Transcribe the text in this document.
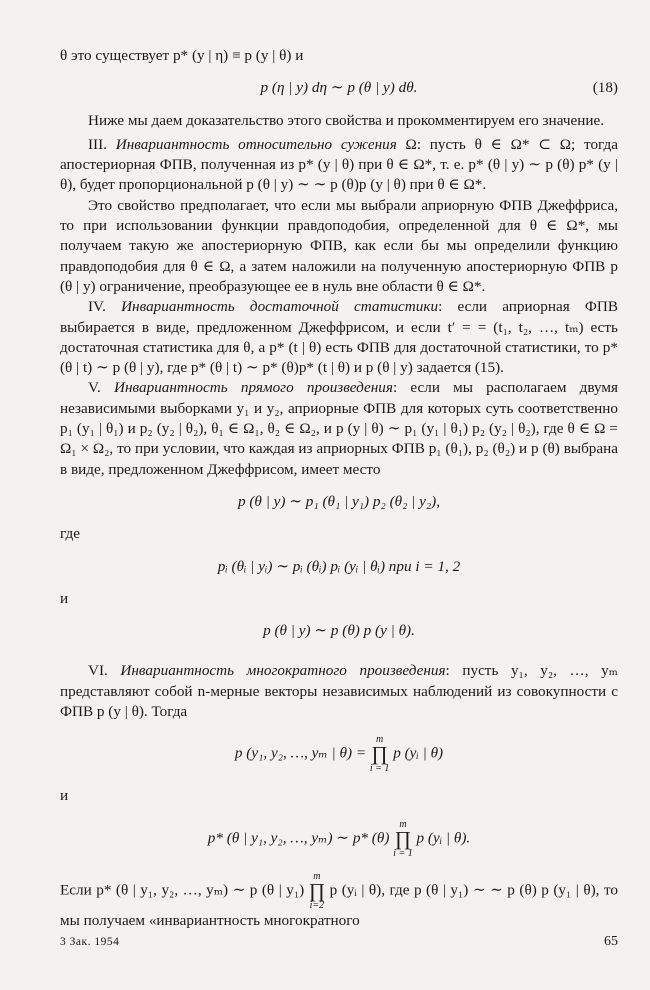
θ это существует p* (y | η) ≡ p (y | θ) и

p (η | y) dη ∼ p (θ | y) dθ.	(18)

Ниже мы даем доказательство этого свойства и прокомментируем его значение.

III. Инвариантность относительно сужения Ω: пусть θ ∈ Ω* ⊂ Ω; тогда апостериорная ФПВ, полученная из p* (y | θ) при θ ∈ Ω*, т. е. p* (θ | y) ∼ p (θ) p* (y | θ), будет пропорциональной p (θ | y) ∼ ∼ p (θ)p (y | θ) при θ ∈ Ω*.

Это свойство предполагает, что если мы выбрали априорную ФПВ Джеффриса, то при использовании функции правдоподобия, определенной для θ ∈ Ω*, мы получаем такую же апостериорную ФПВ, как если бы мы определили функцию правдоподобия для θ ∈ Ω, а затем наложили на полученную апостериорную ФПВ p (θ | y) ограничение, преобразующее ее в нуль вне области θ ∈ Ω*.

IV. Инвариантность достаточной статистики: если априорная ФПВ выбирается в виде, предложенном Джеффрисом, и если t′ = = (t₁, t₂, …, tₘ) есть достаточная статистика для θ, а p* (t | θ) есть ФПВ для достаточной статистики, то p* (θ | t) ∼ p (θ | y), где p* (θ | t) ∼ p* (θ)p* (t | θ) и p (θ | y) задается (15).

V. Инвариантность прямого произведения: если мы располагаем двумя независимыми выборками y₁ и y₂, априорные ФПВ для которых суть соответственно p₁ (y₁ | θ₁) и p₂ (y₂ | θ₂), θ₁ ∈ Ω₁, θ₂ ∈ Ω₂, и p (y | θ) ∼ p₁ (y₁ | θ₁) p₂ (y₂ | θ₂), где θ ∈ Ω = Ω₁ × Ω₂, то при условии, что каждая из априорных ФПВ p₁ (θ₁), p₂ (θ₂) и p (θ) выбрана в виде, предложенном Джеффрисом, имеет место

p (θ | y) ∼ p₁ (θ₁ | y₁) p₂ (θ₂ | y₂),

где

pᵢ (θᵢ | yᵢ) ∼ pᵢ (θᵢ) pᵢ (yᵢ | θᵢ) при i = 1, 2

и

p (θ | y) ∼ p (θ) p (y | θ).

VI. Инвариантность многократного произведения: пусть y₁, y₂, …, yₘ представляют собой n-мерные векторы независимых наблюдений из совокупности с ФПВ p (y | θ). Тогда

p (y₁, y₂, …, yₘ | θ) =
m
∏
i = 1
p (yᵢ | θ)

и

p* (θ | y₁, y₂, …, yₘ) ∼ p* (θ)
m
∏
i = 1
p (yᵢ | θ).

Если p* (θ | y₁, y₂, …, yₘ) ∼ p (θ | y₁)
m
∏
i=2
p (yᵢ | θ), где p (θ | y₁) ∼ ∼ p (θ) p (y₁ | θ), то мы получаем «инвариантность многократного

3 Зак. 1954	65
